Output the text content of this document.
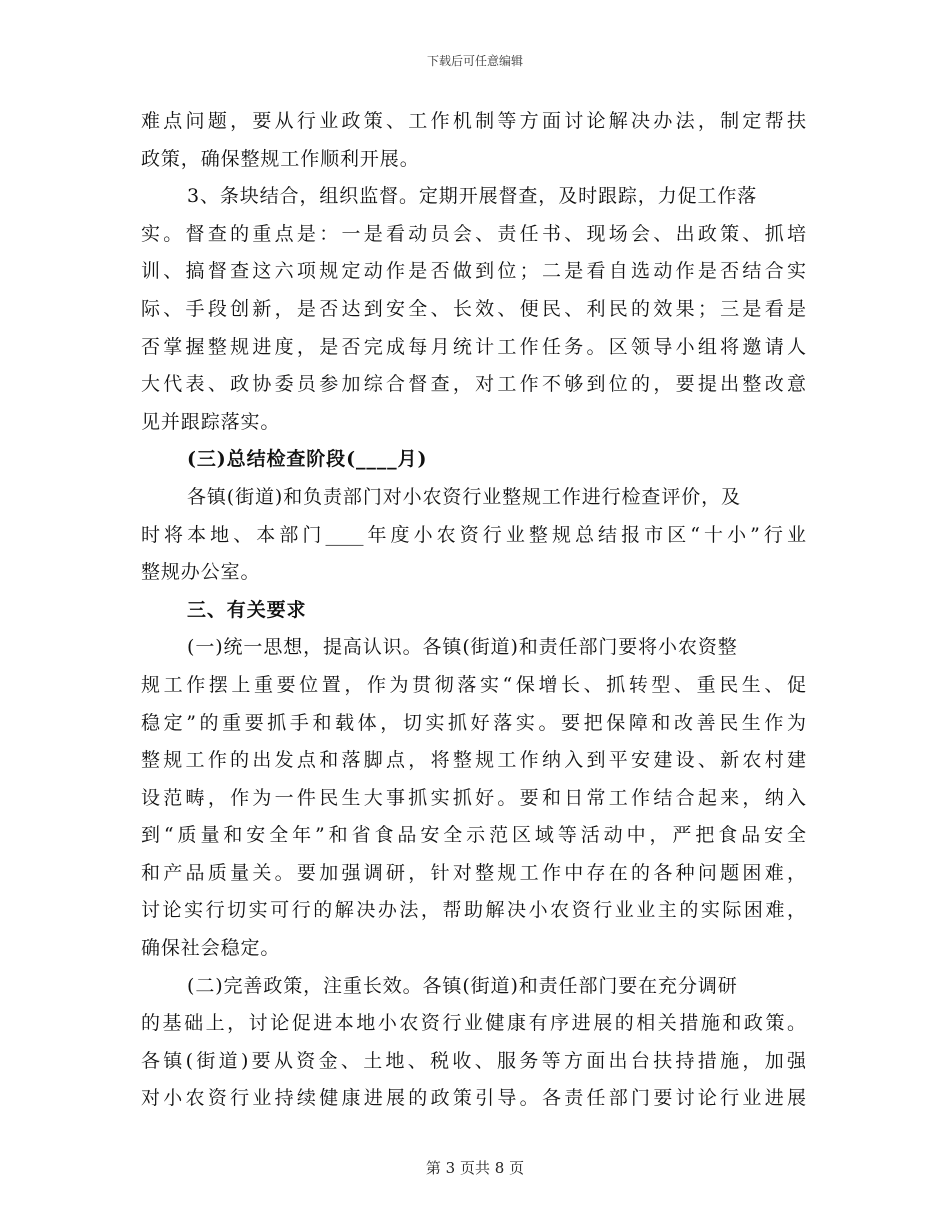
下载后可任意编辑
难点问题，要从行业政策、工作机制等方面讨论解决办法，制定帮扶
政策，确保整规工作顺利开展。
3、条块结合，组织监督。定期开展督查，及时跟踪，力促工作落
实。督查的重点是：一是看动员会、责任书、现场会、出政策、抓培
训、搞督查这六项规定动作是否做到位；二是看自选动作是否结合实
际、手段创新，是否达到安全、长效、便民、利民的效果；三是看是
否掌握整规进度，是否完成每月统计工作任务。区领导小组将邀请人
大代表、政协委员参加综合督查，对工作不够到位的，要提出整改意
见并跟踪落实。
(三)总结检查阶段(____月)
各镇(街道)和负责部门对小农资行业整规工作进行检查评价，及
时将本地、本部门____年度小农资行业整规总结报市区“十小”行业
整规办公室。
三、有关要求
(一)统一思想，提高认识。各镇(街道)和责任部门要将小农资整
规工作摆上重要位置，作为贯彻落实“保增长、抓转型、重民生、促
稳定”的重要抓手和载体，切实抓好落实。要把保障和改善民生作为
整规工作的出发点和落脚点，将整规工作纳入到平安建设、新农村建
设范畴，作为一件民生大事抓实抓好。要和日常工作结合起来，纳入
到“质量和安全年”和省食品安全示范区域等活动中，严把食品安全
和产品质量关。要加强调研，针对整规工作中存在的各种问题困难，
讨论实行切实可行的解决办法，帮助解决小农资行业业主的实际困难，
确保社会稳定。
(二)完善政策，注重长效。各镇(街道)和责任部门要在充分调研
的基础上，讨论促进本地小农资行业健康有序进展的相关措施和政策。
各镇(街道)要从资金、土地、税收、服务等方面出台扶持措施，加强
对小农资行业持续健康进展的政策引导。各责任部门要讨论行业进展
第 3 页共 8 页
